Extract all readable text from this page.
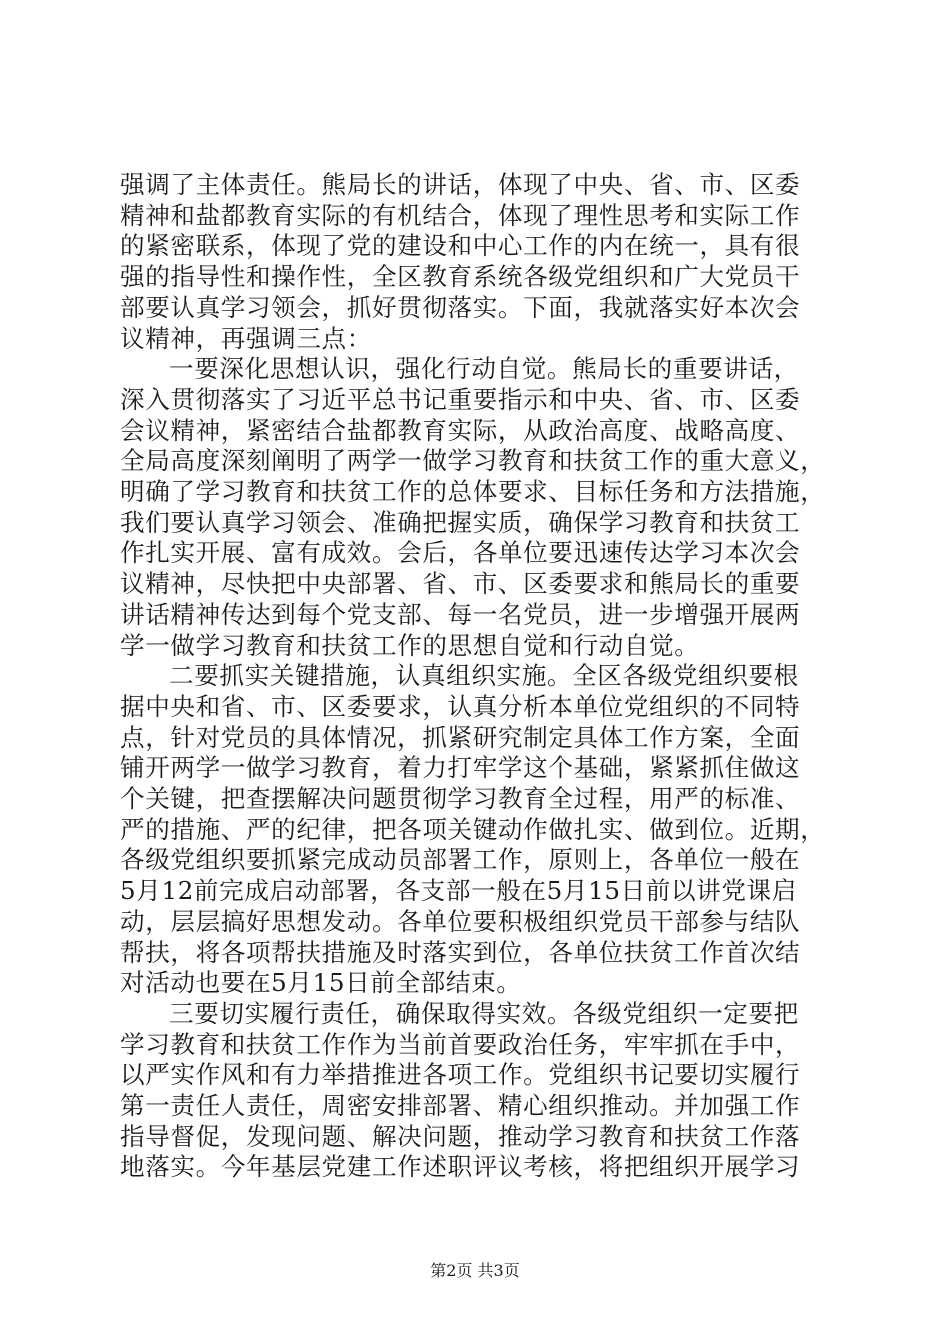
强调了主体责任。熊局长的讲话，体现了中央、省、市、区委
精神和盐都教育实际的有机结合，体现了理性思考和实际工作
的紧密联系，体现了党的建设和中心工作的内在统一，具有很
强的指导性和操作性，全区教育系统各级党组织和广大党员干
部要认真学习领会，抓好贯彻落实。下面，我就落实好本次会
议精神，再强调三点：
一要深化思想认识，强化行动自觉。熊局长的重要讲话，
深入贯彻落实了习近平总书记重要指示和中央、省、市、区委
会议精神，紧密结合盐都教育实际，从政治高度、战略高度、
全局高度深刻阐明了两学一做学习教育和扶贫工作的重大意义，
明确了学习教育和扶贫工作的总体要求、目标任务和方法措施，
我们要认真学习领会、准确把握实质，确保学习教育和扶贫工
作扎实开展、富有成效。会后，各单位要迅速传达学习本次会
议精神，尽快把中央部署、省、市、区委要求和熊局长的重要
讲话精神传达到每个党支部、每一名党员，进一步增强开展两
学一做学习教育和扶贫工作的思想自觉和行动自觉。
二要抓实关键措施，认真组织实施。全区各级党组织要根
据中央和省、市、区委要求，认真分析本单位党组织的不同特
点，针对党员的具体情况，抓紧研究制定具体工作方案，全面
铺开两学一做学习教育，着力打牢学这个基础，紧紧抓住做这
个关键，把查摆解决问题贯彻学习教育全过程，用严的标准、
严的措施、严的纪律，把各项关键动作做扎实、做到位。近期，
各级党组织要抓紧完成动员部署工作，原则上，各单位一般在
5月12前完成启动部署，各支部一般在5月15日前以讲党课启
动，层层搞好思想发动。各单位要积极组织党员干部参与结队
帮扶，将各项帮扶措施及时落实到位，各单位扶贫工作首次结
对活动也要在5月15日前全部结束。
三要切实履行责任，确保取得实效。各级党组织一定要把
学习教育和扶贫工作作为当前首要政治任务，牢牢抓在手中，
以严实作风和有力举措推进各项工作。党组织书记要切实履行
第一责任人责任，周密安排部署、精心组织推动。并加强工作
指导督促，发现问题、解决问题，推动学习教育和扶贫工作落
地落实。今年基层党建工作述职评议考核，将把组织开展学习
第2页 共3页
